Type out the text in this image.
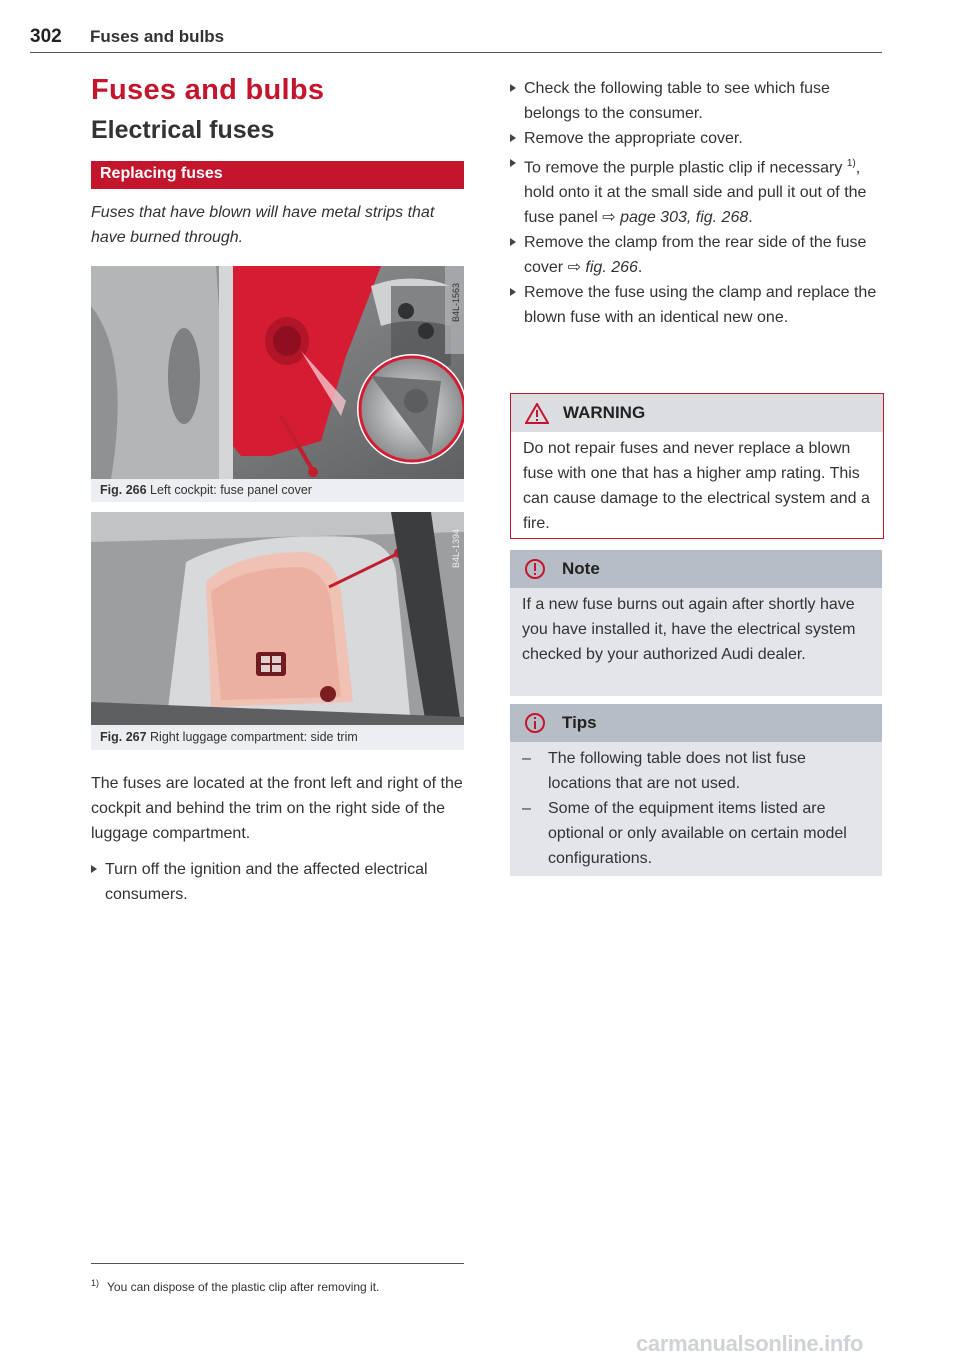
302 Fuses and bulbs
Fuses and bulbs
Electrical fuses
Replacing fuses
Fuses that have blown will have metal strips that have burned through.
B4L-1563
Fig. 266 Left cockpit: fuse panel cover
B4L-1394
Fig. 267 Right luggage compartment: side trim
The fuses are located at the front left and right of the cockpit and behind the trim on the right side of the luggage compartment.
Turn off the ignition and the affected electrical consumers.
Check the following table to see which fuse belongs to the consumer.
Remove the appropriate cover.
To remove the purple plastic clip if necessary $^{1)}$, hold onto it at the small side and pull it out of the fuse panel ⇨ page 303, fig. 268.
Remove the clamp from the rear side of the fuse cover ⇨ fig. 266.
Remove the fuse using the clamp and replace the blown fuse with an identical new one.
WARNING
Do not repair fuses and never replace a blown fuse with one that has a higher amp rating. This can cause damage to the electrical system and a fire.
Note
If a new fuse burns out again after shortly have you have installed it, have the electrical system checked by your authorized Audi dealer.
Tips
– The following table does not list fuse locations that are not used.
– Some of the equipment items listed are optional or only available on certain model configurations.
$^{1)}$ You can dispose of the plastic clip after removing it.
carmanualsonline.info
